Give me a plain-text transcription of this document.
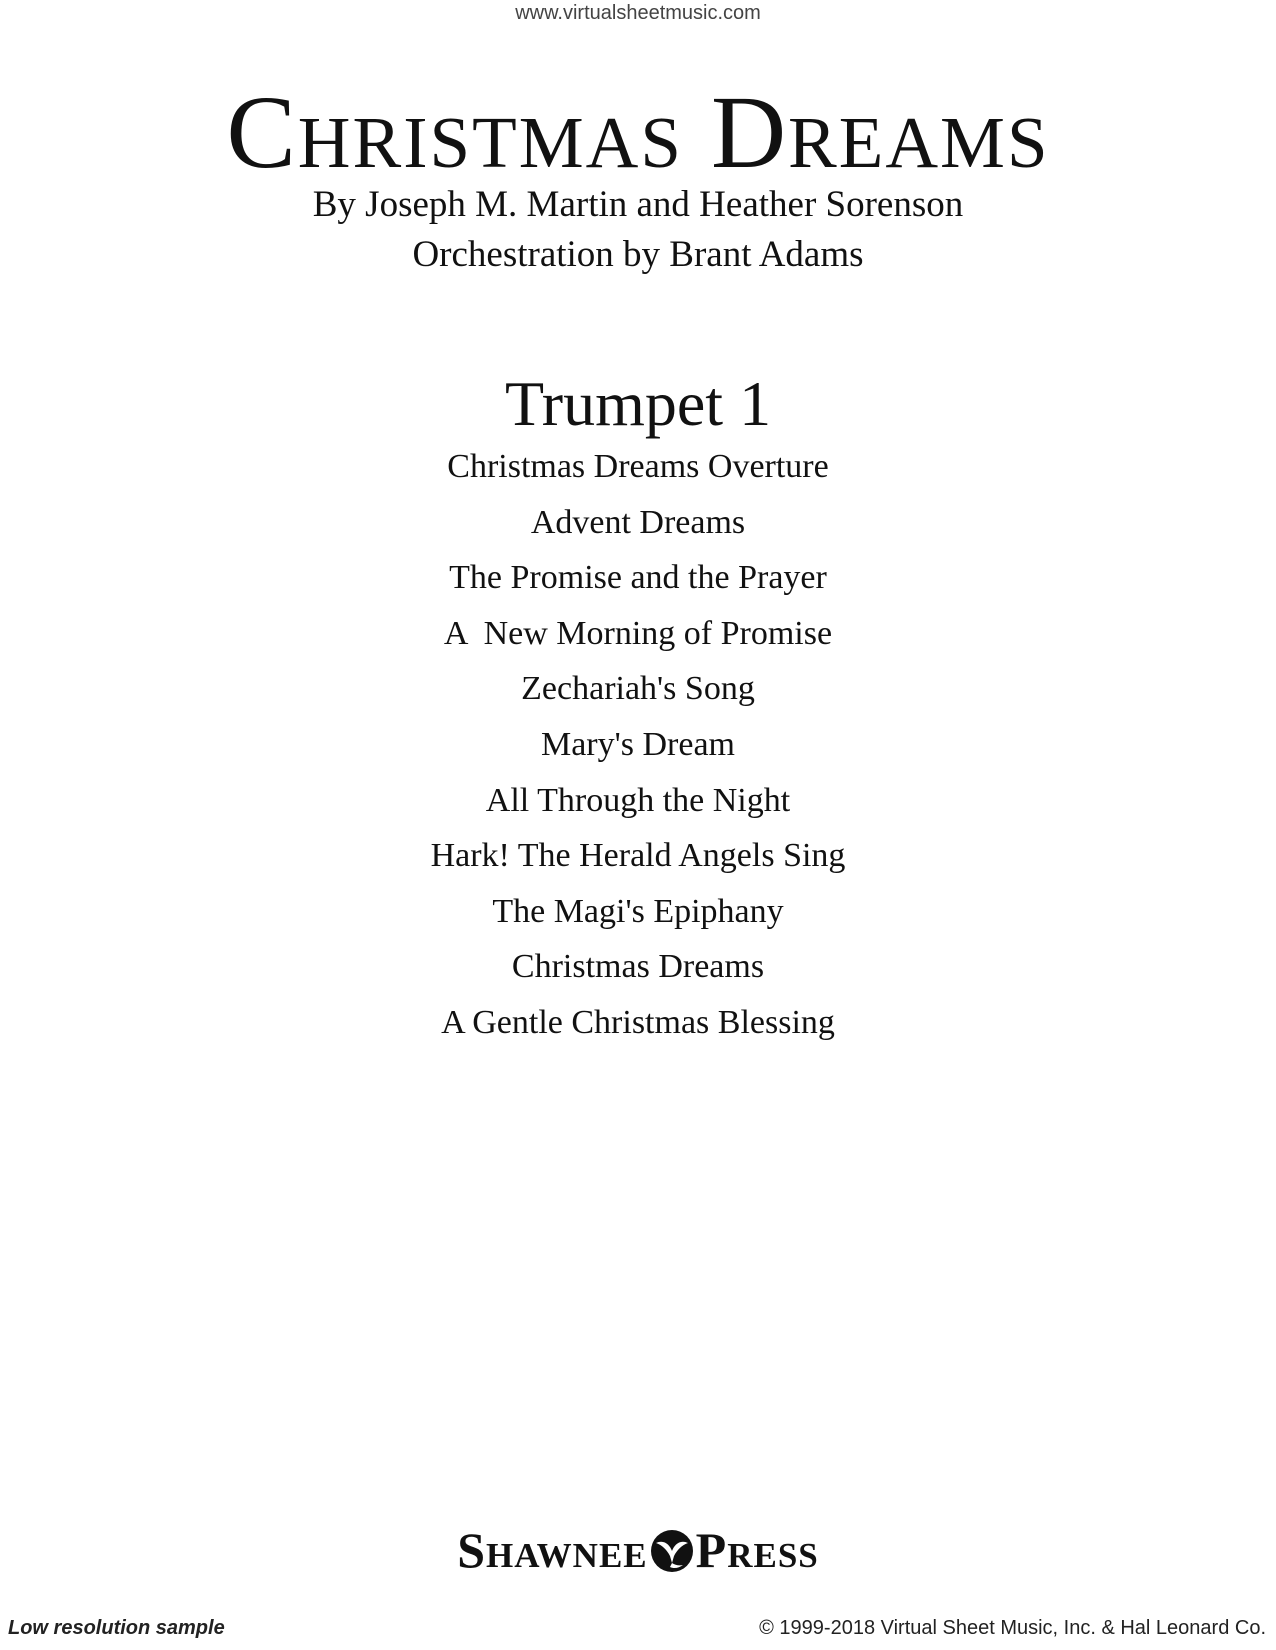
www.virtualsheetmusic.com
Christmas Dreams
By Joseph M. Martin and Heather Sorenson
Orchestration by Brant Adams
Trumpet 1
Christmas Dreams Overture
Advent Dreams
The Promise and the Prayer
A  New Morning of Promise
Zechariah's Song
Mary's Dream
All Through the Night
Hark! The Herald Angels Sing
The Magi's Epiphany
Christmas Dreams
A Gentle Christmas Blessing
Shawnee Press
Low resolution sample	© 1999-2018 Virtual Sheet Music, Inc. & Hal Leonard Co.
